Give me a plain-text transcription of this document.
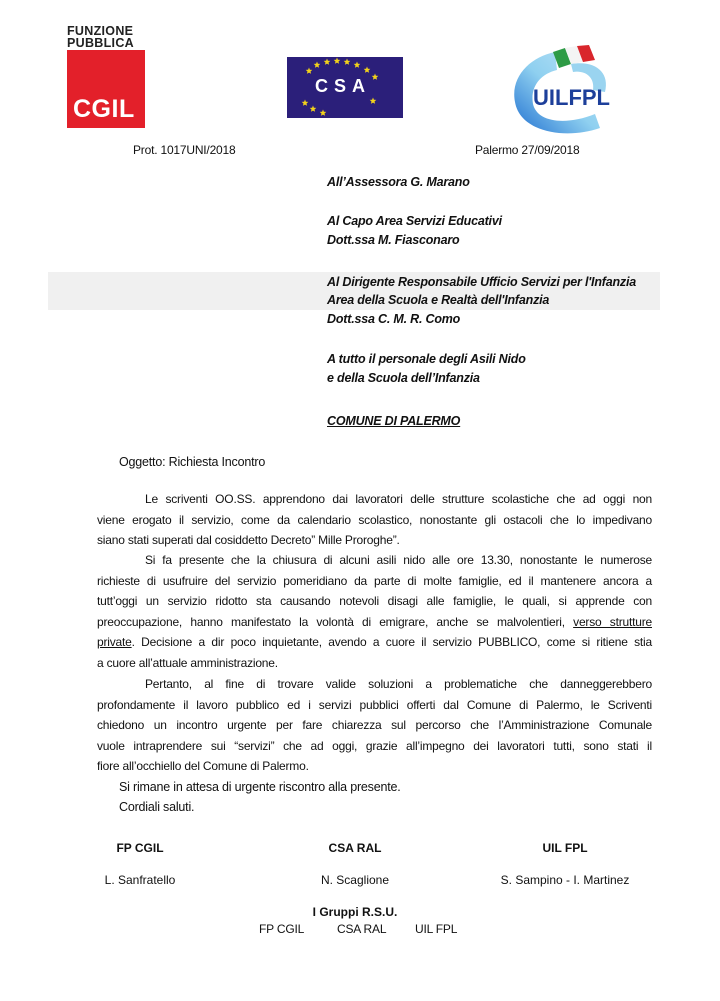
FUNZIONE
PUBBLICA
CGIL
CSA	UILFPL
Prot. 1017UNI/2018	Palermo 27/09/2018
All’Assessora G. Marano
Al Capo Area Servizi Educativi
Dott.ssa M. Fiasconaro
Al Dirigente Responsabile Ufficio Servizi per l'Infanzia
Area della Scuola e Realtà dell'Infanzia
Dott.ssa C. M. R. Como
A tutto il personale degli Asili Nido
e della Scuola dell’Infanzia
COMUNE DI PALERMO
Oggetto: Richiesta Incontro
Le scriventi OO.SS. apprendono dai lavoratori delle strutture scolastiche che ad oggi non
viene erogato il servizio, come da calendario scolastico, nonostante gli ostacoli che lo impedivano
siano stati superati dal cosiddetto Decreto” Mille Proroghe”.
Si fa presente che la chiusura di alcuni asili nido alle ore 13.30, nonostante le numerose
richieste di usufruire del servizio pomeridiano da parte di molte famiglie, ed il mantenere ancora a
tutt’oggi un servizio ridotto sta causando notevoli disagi alle famiglie, le quali, si apprende con
preoccupazione, hanno manifestato la volontà di emigrare, anche se malvolentieri, verso strutture
private. Decisione a dir poco inquietante, avendo a cuore il servizio PUBBLICO, come si ritiene stia
a cuore all’attuale amministrazione.
Pertanto, al fine di trovare valide soluzioni a problematiche che danneggerebbero
profondamente il lavoro pubblico ed i servizi pubblici offerti dal Comune di Palermo, le Scriventi
chiedono un incontro urgente per fare chiarezza sul percorso che l’Amministrazione Comunale
vuole intraprendere sui “servizi” che ad oggi, grazie all’impegno dei lavoratori tutti, sono stati il
fiore all’occhiello del Comune di Palermo.
Si rimane in attesa di urgente riscontro alla presente.
Cordiali saluti.
FP CGIL	CSA RAL	UIL FPL
L. Sanfratello	N. Scaglione	S. Sampino - I. Martinez
I Gruppi R.S.U.
FP CGIL	CSA RAL UIL FPL
